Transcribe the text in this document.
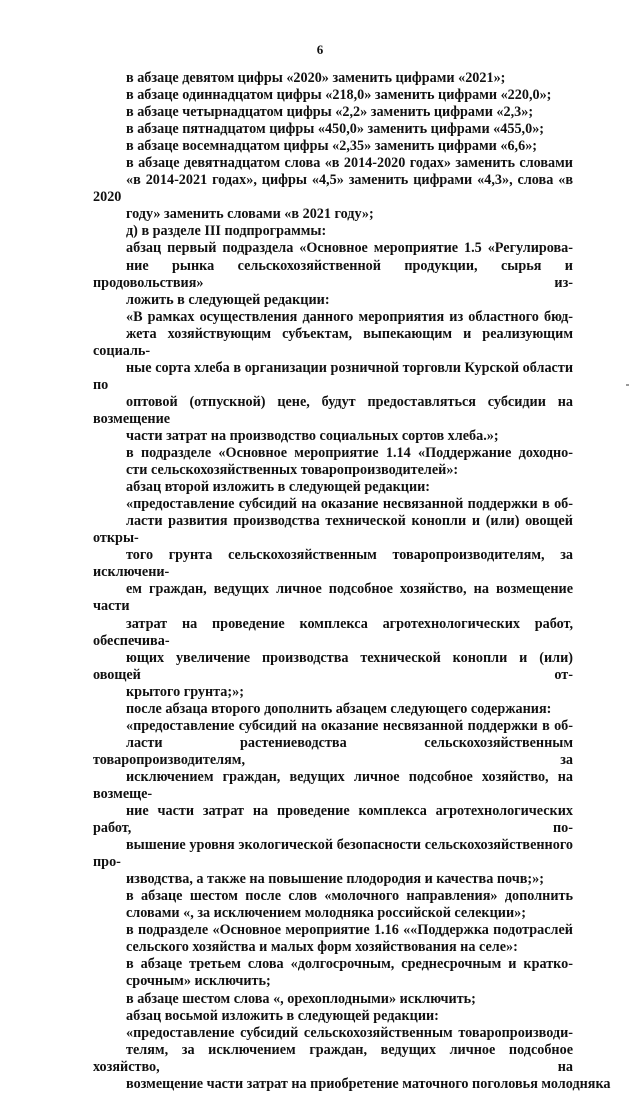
6

в абзаце девятом цифры «2020» заменить цифрами «2021»;

в абзаце одиннадцатом цифры «218,0» заменить цифрами «220,0»;

в абзаце четырнадцатом цифры «2,2» заменить цифрами «2,3»;

в абзаце пятнадцатом цифры «450,0» заменить цифрами «455,0»;

в абзаце восемнадцатом цифры «2,35» заменить цифрами «6,6»;

в абзаце девятнадцатом слова «в 2014-2020 годах» заменить словами
«в 2014-2021 годах», цифры «4,5» заменить цифрами «4,3», слова «в 2020
году» заменить словами «в 2021 году»;

д) в разделе III подпрограммы:

абзац первый подраздела «Основное мероприятие 1.5 «Регулирова-
ние рынка сельскохозяйственной продукции, сырья и продовольствия» из-
ложить в следующей редакции:

«В рамках осуществления данного мероприятия из областного бюд-
жета хозяйствующим субъектам, выпекающим и реализующим социаль-
ные сорта хлеба в организации розничной торговли Курской области по
оптовой (отпускной) цене, будут предоставляться субсидии на возмещение
части затрат на производство социальных сортов хлеба.»;

в подразделе «Основное мероприятие 1.14 «Поддержание доходно-
сти сельскохозяйственных товаропроизводителей»:

абзац второй изложить в следующей редакции:

«предоставление субсидий на оказание несвязанной поддержки в об-
ласти развития производства технической конопли и (или) овощей откры-
того грунта сельскохозяйственным товаропроизводителям, за исключени-
ем граждан, ведущих личное подсобное хозяйство, на возмещение части
затрат на проведение комплекса агротехнологических работ, обеспечива-
ющих увеличение производства технической конопли и (или) овощей от-
крытого грунта;»;

после абзаца второго дополнить абзацем следующего содержания:

«предоставление субсидий на оказание несвязанной поддержки в об-
ласти растениеводства сельскохозяйственным товаропроизводителям, за
исключением граждан, ведущих личное подсобное хозяйство, на возмеще-
ние части затрат на проведение комплекса агротехнологических работ, по-
вышение уровня экологической безопасности сельскохозяйственного про-
изводства, а также на повышение плодородия и качества почв;»;

в абзаце шестом после слов «молочного направления» дополнить
словами «, за исключением молодняка российской селекции»;

в подразделе «Основное мероприятие 1.16 ««Поддержка подотраслей
сельского хозяйства и малых форм хозяйствования на селе»:

в абзаце третьем слова «долгосрочным, среднесрочным и кратко-
срочным» исключить;

в абзаце шестом слова «, орехоплодными» исключить;

абзац восьмой изложить в следующей редакции:

«предоставление субсидий сельскохозяйственным товаропроизводи-
телям, за исключением граждан, ведущих личное подсобное хозяйство, на
возмещение части затрат на приобретение маточного поголовья молодняка
